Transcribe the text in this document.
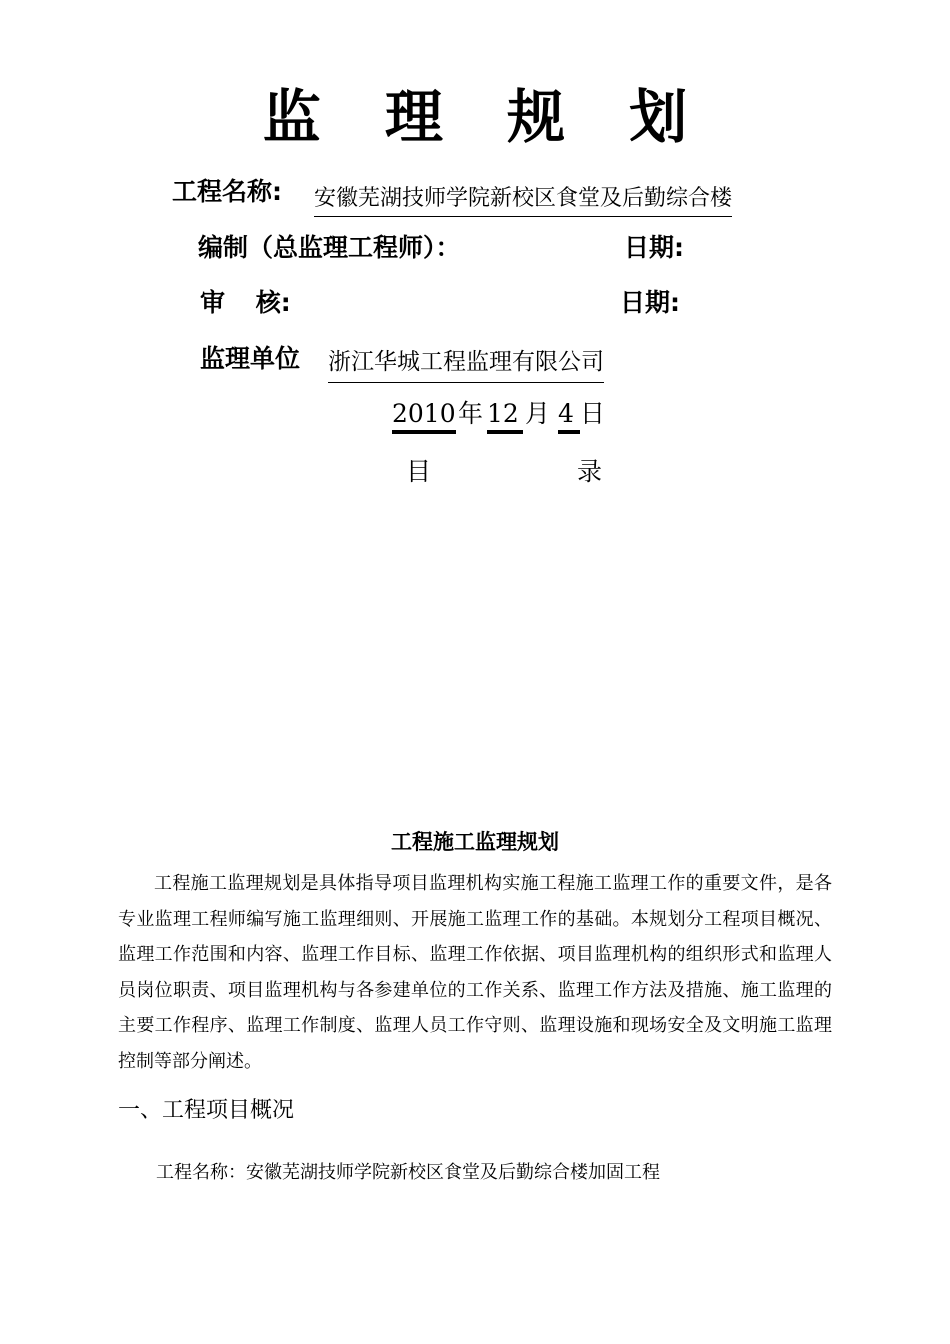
监 理 规 划
工程名称: 安徽芜湖技师学院新校区食堂及后勤综合楼
编制（总监理工程师）：	日期:
审 核:	日期:
监理单位 浙江华城工程监理有限公司
2010年 12 月 4 日
目	录
工程施工监理规划
工程施工监理规划是具体指导项目监理机构实施工程施工监理工作的重要文件，是各专业监理工程师编写施工监理细则、开展施工监理工作的基础。本规划分工程项目概况、监理工作范围和内容、监理工作目标、监理工作依据、项目监理机构的组织形式和监理人员岗位职责、项目监理机构与各参建单位的工作关系、监理工作方法及措施、施工监理的主要工作程序、监理工作制度、监理人员工作守则、监理设施和现场安全及文明施工监理控制等部分阐述。
一、工程项目概况
工程名称：安徽芜湖技师学院新校区食堂及后勤综合楼加固工程
